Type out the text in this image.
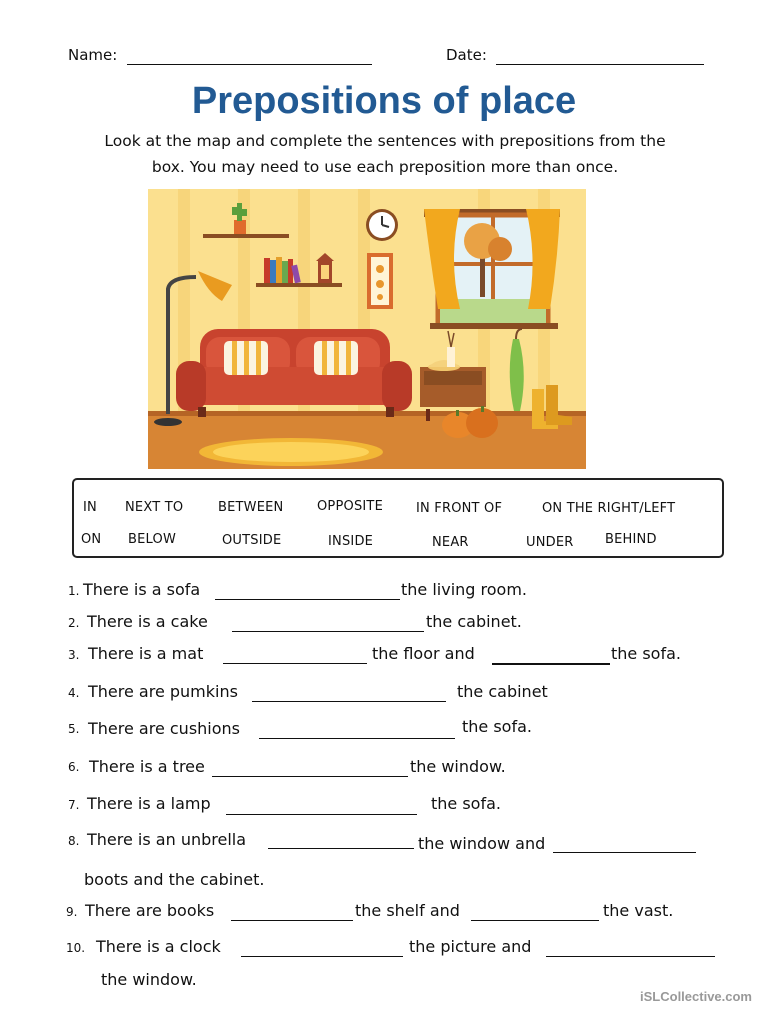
Name:	Date:
Prepositions of place
Look at the map and complete the sentences with prepositions from the
box. You may need to use each preposition more than once.
IN NEXT TO	BETWEEN	OPPOSITE	IN FRONT OF	ON THE RIGHT/LEFT
ON BELOW	OUTSIDE	INSIDE	NEAR	UNDER BEHIND
1. There is a sofa	the living room.
2. There is a cake	the cabinet.
3. There is a mat	the floor and	the sofa.
4. There are pumkins	the cabinet
5. There are cushions	the sofa.
6. There is a tree	the window.
7. There is a lamp	the sofa.
8. There is an unbrella	the window and
boots and the cabinet.
9. There are books	the shelf and	the vast.
10. There is a clock	the picture and
the window.
iSLCollective.com
